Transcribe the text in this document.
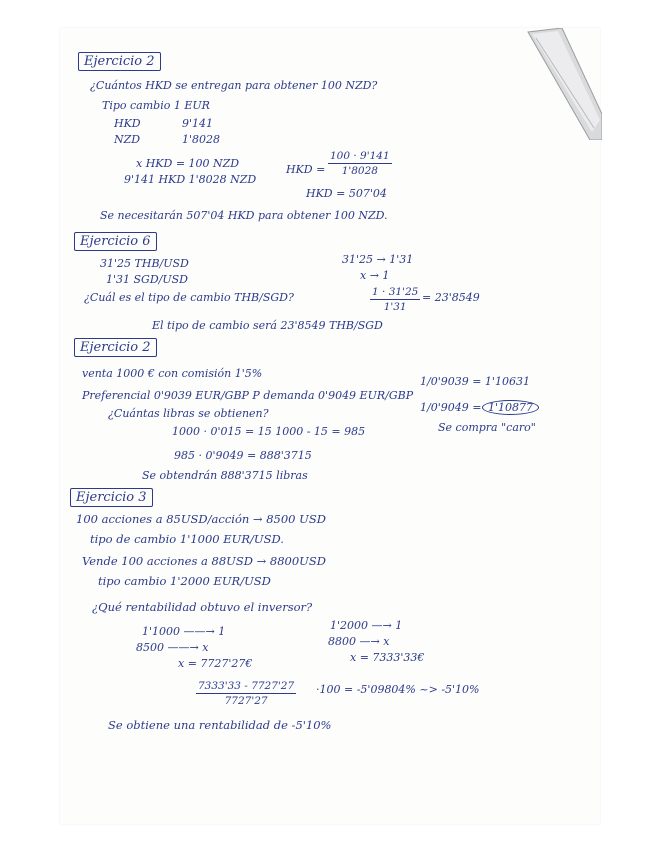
Ejercicio 2
¿Cuántos HKD se entregan para obtener 100 NZD?
Tipo cambio 1 EUR
HKD	9'141
NZD	1'8028
x HKD = 100 NZD
9'141 HKD 1'8028 NZD
HKD = $\frac{100 \cdot 9'141}{1'8028}$
HKD = 507'04
Se necesitarán 507'04 HKD para obtener 100 NZD.
Ejercicio 6
31'25 THB/USD
1'31 SGD/USD
¿Cuál es el tipo de cambio THB/SGD?
31'25 → 1'31
x → 1
$\frac{1 \cdot 31'25}{1'31} = 23'8549$
El tipo de cambio será 23'8549 THB/SGD
Ejercicio 2
venta 1000 € con comisión 1'5%
Preferencial 0'9039 EUR/GBP P demanda 0'9049 EUR/GBP
¿Cuántas libras se obtienen?
1000 · 0'015 = 15 1000 - 15 = 985
985 · 0'9049 = 888'3715
Se obtendrán 888'3715 libras
1/0'9039 = 1'10631
1/0'9049 = 1'10877
Se compra "caro"
Ejercicio 3
100 acciones a 85USD/acción → 8500 USD
tipo de cambio 1'1000 EUR/USD.
Vende 100 acciones a 88USD → 8800USD
tipo cambio 1'2000 EUR/USD
¿Qué rentabilidad obtuvo el inversor?
1'1000 ——→ 1
8500 ——→ x
x = 7727'27€
1'2000 —→ 1
8800 —→ x
x = 7333'33€
$\frac{7333'33 - 7727'27}{7727'27} \cdot 100 = -5'09804\%$ ~> -5'10%
Se obtiene una rentabilidad de -5'10%
